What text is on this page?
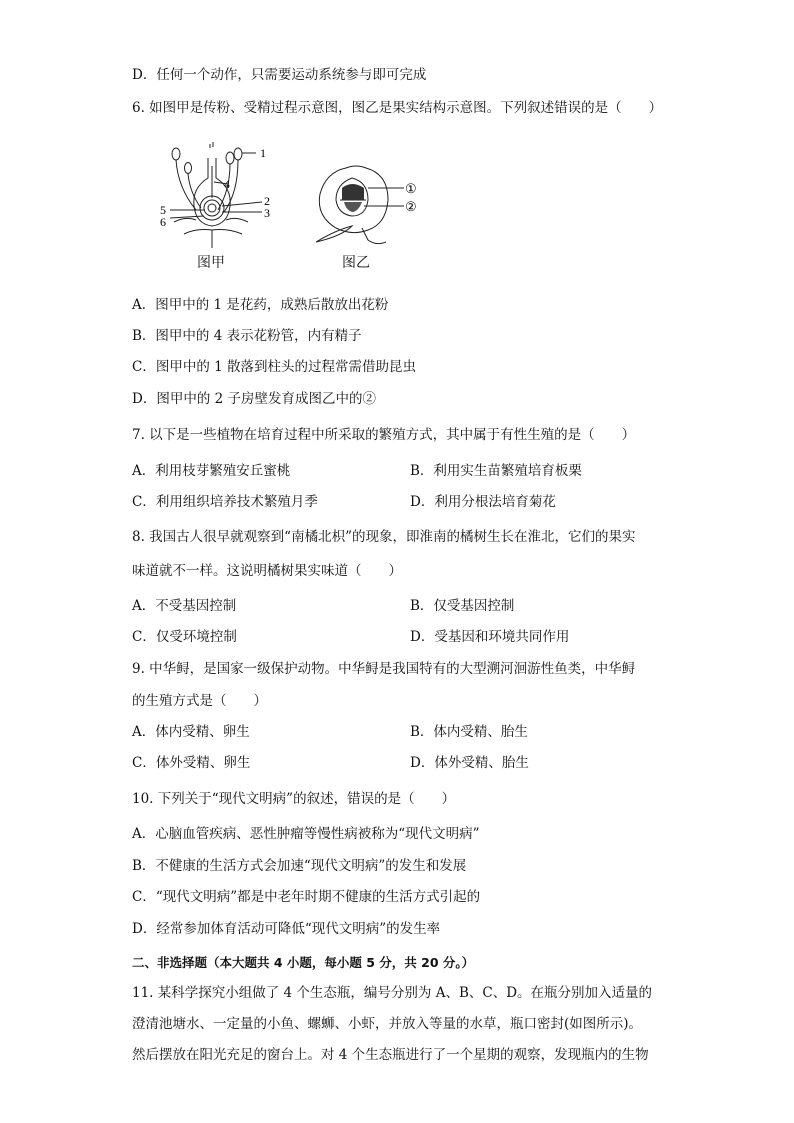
D．任何一个动作，只需要运动系统参与即可完成
6. 如图甲是传粉、受精过程示意图，图乙是果实结构示意图。下列叙述错误的是（　　）
1
2
3
4
5
6
图甲
①
②
图乙
A．图甲中的 1 是花药，成熟后散放出花粉
B．图甲中的 4 表示花粉管，内有精子
C．图甲中的 1 散落到柱头的过程常需借助昆虫
D．图甲中的 2 子房壁发育成图乙中的②
7. 以下是一些植物在培育过程中所采取的繁殖方式，其中属于有性生殖的是（　　）
A．利用枝芽繁殖安丘蜜桃	B．利用实生苗繁殖培育板栗
C．利用组织培养技术繁殖月季	D．利用分根法培育菊花
8. 我国古人很早就观察到“南橘北枳”的现象，即淮南的橘树生长在淮北，它们的果实
味道就不一样。这说明橘树果实味道（　　）
A．不受基因控制	B．仅受基因控制
C．仅受环境控制	D．受基因和环境共同作用
9. 中华鲟，是国家一级保护动物。中华鲟是我国特有的大型溯河洄游性鱼类，中华鲟
的生殖方式是（　　）
A．体内受精、卵生	B．体内受精、胎生
C．体外受精、卵生	D．体外受精、胎生
10. 下列关于“现代文明病”的叙述，错误的是（　　）
A．心脑血管疾病、恶性肿瘤等慢性病被称为“现代文明病”
B．不健康的生活方式会加速“现代文明病”的发生和发展
C．“现代文明病”都是中老年时期不健康的生活方式引起的
D．经常参加体育活动可降低“现代文明病”的发生率
二、非选择题（本大题共 4 小题，每小题 5 分，共 20 分。）
11. 某科学探究小组做了 4 个生态瓶，编号分别为 A、B、C、D。在瓶分别加入适量的
澄清池塘水、一定量的小鱼、螺蛳、小虾，并放入等量的水草，瓶口密封(如图所示)。
然后摆放在阳光充足的窗台上。对 4 个生态瓶进行了一个星期的观察，发现瓶内的生物
